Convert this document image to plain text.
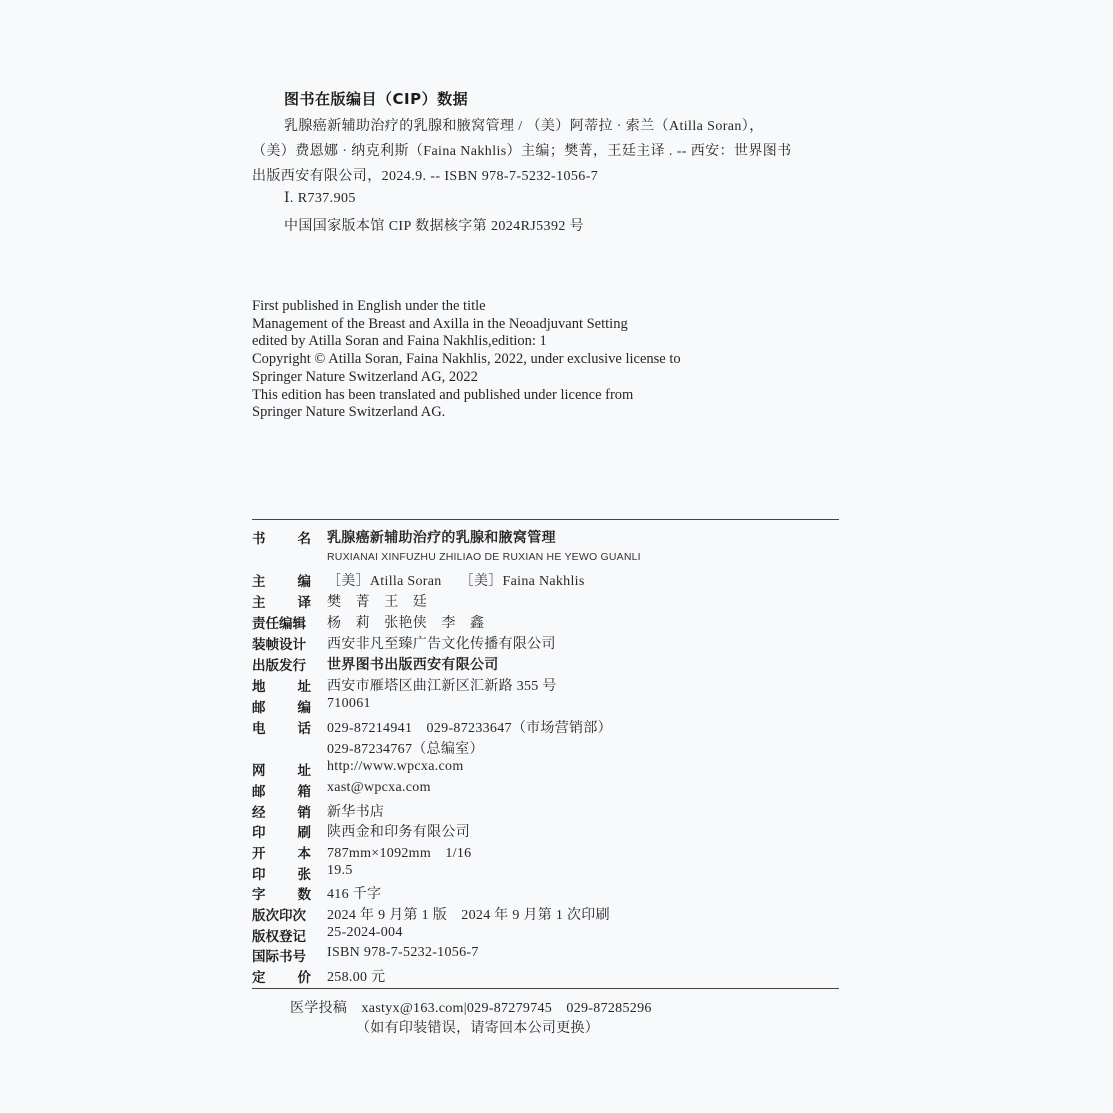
图书在版编目（CIP）数据
乳腺癌新辅助治疗的乳腺和腋窝管理 / （美）阿蒂拉 · 索兰（Atilla Soran），
（美）费恩娜 · 纳克利斯（Faina Nakhlis）主编；樊菁，王廷主译 . -- 西安：世界图书
出版西安有限公司，2024.9. -- ISBN 978-7-5232-1056-7
Ⅰ. R737.905
中国国家版本馆 CIP 数据核字第 2024RJ5392 号
First published in English under the title
Management of the Breast and Axilla in the Neoadjuvant Setting
edited by Atilla Soran and Faina Nakhlis,edition: 1
Copyright © Atilla Soran, Faina Nakhlis, 2022, under exclusive license to
Springer Nature Switzerland AG, 2022
This edition has been translated and published under licence from
Springer Nature Switzerland AG.
书 名 乳腺癌新辅助治疗的乳腺和腋窝管理
RUXIANAI XINFUZHU ZHILIAO DE RUXIAN HE YEWO GUANLI
主 编 ［美］Atilla Soran　 ［美］Faina Nakhlis
主 译 樊　菁　王　廷
责任编辑 杨　莉　张艳侠　李　鑫
装帧设计 西安非凡至臻广告文化传播有限公司
出版发行 世界图书出版西安有限公司
地 址 西安市雁塔区曲江新区汇新路 355 号
邮 编 710061
电 话 029-87214941　029-87233647（市场营销部）
029-87234767（总编室）
网 址 http://www.wpcxa.com
邮 箱 xast@wpcxa.com
经 销 新华书店
印 刷 陕西金和印务有限公司
开 本 787mm×1092mm　1/16
印 张 19.5
字 数 416 千字
版次印次 2024 年 9 月第 1 版　2024 年 9 月第 1 次印刷
版权登记 25-2024-004
国际书号 ISBN 978-7-5232-1056-7
定 价 258.00 元
医学投稿　xastyx@163.com|029-87279745　029-87285296
（如有印装错误，请寄回本公司更换）
